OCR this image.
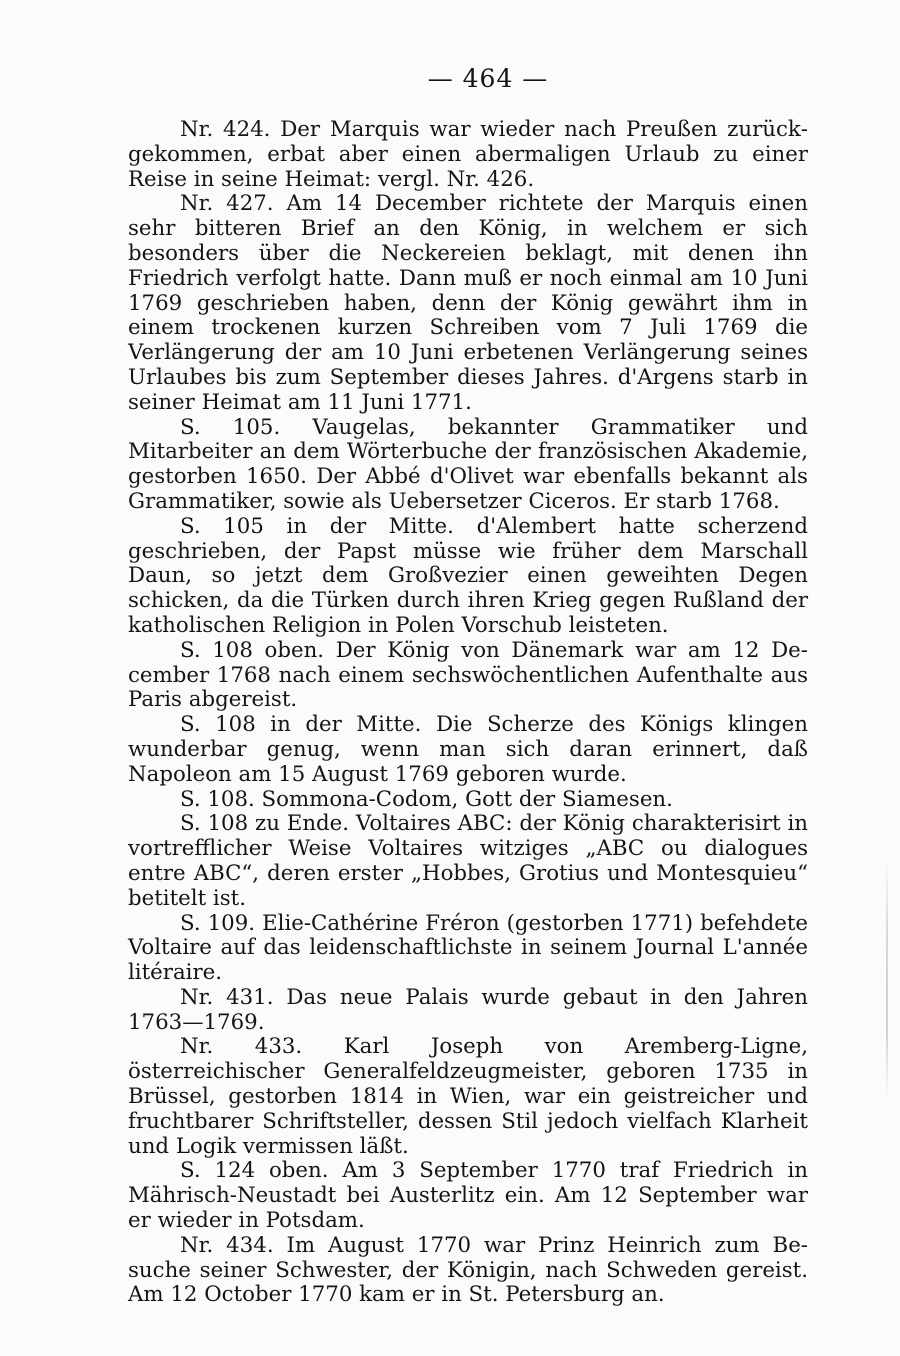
— 464 —

Nr. 424. Der Marquis war wieder nach Preußen zurückgekommen, erbat aber einen abermaligen Urlaub zu einer Reise in seine Heimat: vergl. Nr. 426.

Nr. 427. Am 14 December richtete der Marquis einen sehr bitteren Brief an den König, in welchem er sich besonders über die Neckereien beklagt, mit denen ihn Friedrich verfolgt hatte. Dann muß er noch einmal am 10 Juni 1769 geschrieben haben, denn der König gewährt ihm in einem trockenen kurzen Schreiben vom 7 Juli 1769 die Verlängerung der am 10 Juni erbetenen Verlängerung seines Urlaubes bis zum September dieses Jahres. d'Argens starb in seiner Heimat am 11 Juni 1771.

S. 105. Vaugelas, bekannter Grammatiker und Mitarbeiter an dem Wörterbuche der französischen Akademie, gestorben 1650. Der Abbé d'Olivet war ebenfalls bekannt als Grammatiker, sowie als Uebersetzer Ciceros. Er starb 1768.

S. 105 in der Mitte. d'Alembert hatte scherzend geschrieben, der Papst müsse wie früher dem Marschall Daun, so jetzt dem Großvezier einen geweihten Degen schicken, da die Türken durch ihren Krieg gegen Rußland der katholischen Religion in Polen Vorschub leisteten.

S. 108 oben. Der König von Dänemark war am 12 December 1768 nach einem sechswöchentlichen Aufenthalte aus Paris abgereist.

S. 108 in der Mitte. Die Scherze des Königs klingen wunderbar genug, wenn man sich daran erinnert, daß Napoleon am 15 August 1769 geboren wurde.

S. 108. Sommona-Codom, Gott der Siamesen.

S. 108 zu Ende. Voltaires ABC: der König charakterisirt in vortrefflicher Weise Voltaires witziges „ABC ou dialogues entre ABC“, deren erster „Hobbes, Grotius und Montesquieu“ betitelt ist.

S. 109. Elie-Cathérine Fréron (gestorben 1771) befehdete Voltaire auf das leidenschaftlichste in seinem Journal L'année litéraire.

Nr. 431. Das neue Palais wurde gebaut in den Jahren 1763—1769.

Nr. 433. Karl Joseph von Aremberg-Ligne, österreichischer Generalfeldzeugmeister, geboren 1735 in Brüssel, gestorben 1814 in Wien, war ein geistreicher und fruchtbarer Schriftsteller, dessen Stil jedoch vielfach Klarheit und Logik vermissen läßt.

S. 124 oben. Am 3 September 1770 traf Friedrich in Mährisch-Neustadt bei Austerlitz ein. Am 12 September war er wieder in Potsdam.

Nr. 434. Im August 1770 war Prinz Heinrich zum Besuche seiner Schwester, der Königin, nach Schweden gereist. Am 12 October 1770 kam er in St. Petersburg an.
